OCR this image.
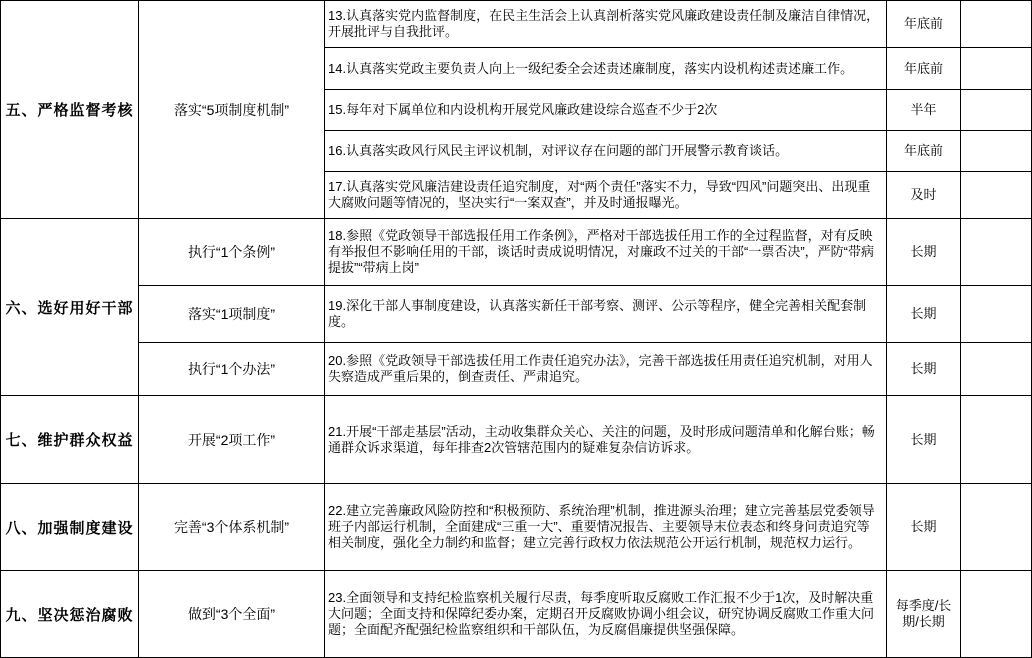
五、严格监督考核	落实“5项制度机制”	13.认真落实党内监督制度，在民主生活会上认真剖析落实党风廉政建设责任制及廉洁自律情况，开展批评与自我批评。	年底前	
		14.认真落实党政主要负责人向上一级纪委全会述责述廉制度，落实内设机构述责述廉工作。	年底前	
		15.每年对下属单位和内设机构开展党风廉政建设综合巡查不少于2次	半年	
		16.认真落实政风行风民主评议机制，对评议存在问题的部门开展警示教育谈话。	年底前	
		17.认真落实党风廉洁建设责任追究制度，对“两个责任”落实不力，导致“四风”问题突出、出现重大腐败问题等情况的，坚决实行“一案双查”，并及时通报曝光。	及时	
六、选好用好干部	执行“1个条例”	18.参照《党政领导干部选报任用工作条例》，严格对干部选拔任用工作的全过程监督，对有反映有举报但不影响任用的干部，谈话时责成说明情况，对廉政不过关的干部“一票否决”，严防“带病提拔”“带病上岗”	长期	
	落实“1项制度”	19.深化干部人事制度建设，认真落实新任干部考察、测评、公示等程序，健全完善相关配套制度。	长期	
	执行“1个办法”	20.参照《党政领导干部选拔任用工作责任追究办法》，完善干部选拔任用责任追究机制，对用人失察造成严重后果的，倒查责任、严肃追究。	长期	
七、维护群众权益	开展“2项工作”	21.开展“干部走基层”活动，主动收集群众关心、关注的问题，及时形成问题清单和化解台账；畅通群众诉求渠道，每年排查2次管辖范围内的疑难复杂信访诉求。	长期	
八、加强制度建设	完善“3个体系机制”	22.建立完善廉政风险防控和“积极预防、系统治理”机制，推进源头治理；建立完善基层党委领导班子内部运行机制，全面建成“三重一大”、重要情况报告、主要领导末位表态和终身问责追究等相关制度，强化全力制约和监督；建立完善行政权力依法规范公开运行机制，规范权力运行。	长期	
九、坚决惩治腐败	做到“3个全面”	23.全面领导和支持纪检监察机关履行尽责，每季度听取反腐败工作汇报不少于1次，及时解决重大问题；全面支持和保障纪委办案，定期召开反腐败协调小组会议，研究协调反腐败工作重大问题；全面配齐配强纪检监察组织和干部队伍，为反腐倡廉提供坚强保障。	每季度/长期/长期	
